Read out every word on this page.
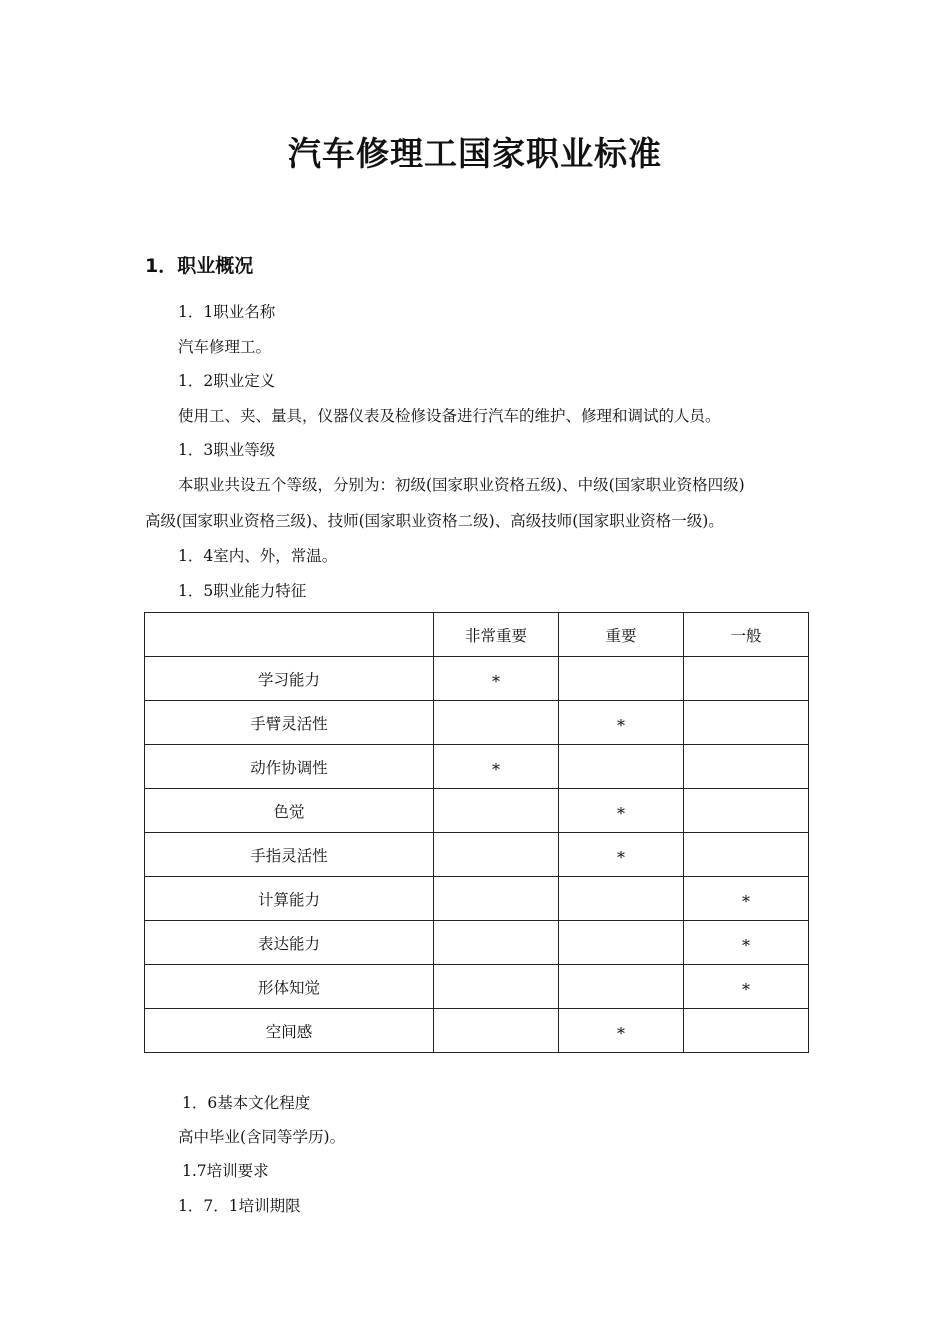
汽车修理工国家职业标准
1．职业概况
1．1职业名称
汽车修理工。
1．2职业定义
使用工、夹、量具，仪器仪表及检修设备进行汽车的维护、修理和调试的人员。
1．3职业等级
本职业共设五个等级，分别为：初级(国家职业资格五级)、中级(国家职业资格四级)
高级(国家职业资格三级)、技师(国家职业资格二级)、高级技师(国家职业资格一级)。
1．4室内、外，常温。
1．5职业能力特征
	非常重要	重要	一般
学习能力	*		
手臂灵活性		*	
动作协调性	*		
色觉		*	
手指灵活性		*	
计算能力			*
表达能力			*
形体知觉			*
空间感		*	
1．6基本文化程度
高中毕业(含同等学历)。
1.7培训要求
1．7．1培训期限
